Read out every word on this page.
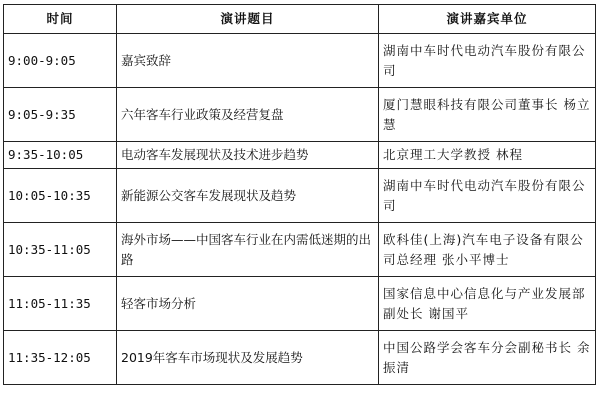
时间	演讲题目	演讲嘉宾单位
9:00-9:05	嘉宾致辞	湖南中车时代电动汽车股份有限公司
9:05-9:35	六年客车行业政策及经营复盘	厦门慧眼科技有限公司董事长 杨立慧
9:35-10:05	电动客车发展现状及技术进步趋势	北京理工大学教授 林程
10:05-10:35	新能源公交客车发展现状及趋势	湖南中车时代电动汽车股份有限公司
10:35-11:05	海外市场——中国客车行业在内需低迷期的出路	欧科佳(上海)汽车电子设备有限公司总经理 张小平博士
11:05-11:35	轻客市场分析	国家信息中心信息化与产业发展部副处长 谢国平
11:35-12:05	2019年客车市场现状及发展趋势	中国公路学会客车分会副秘书长 余振清
